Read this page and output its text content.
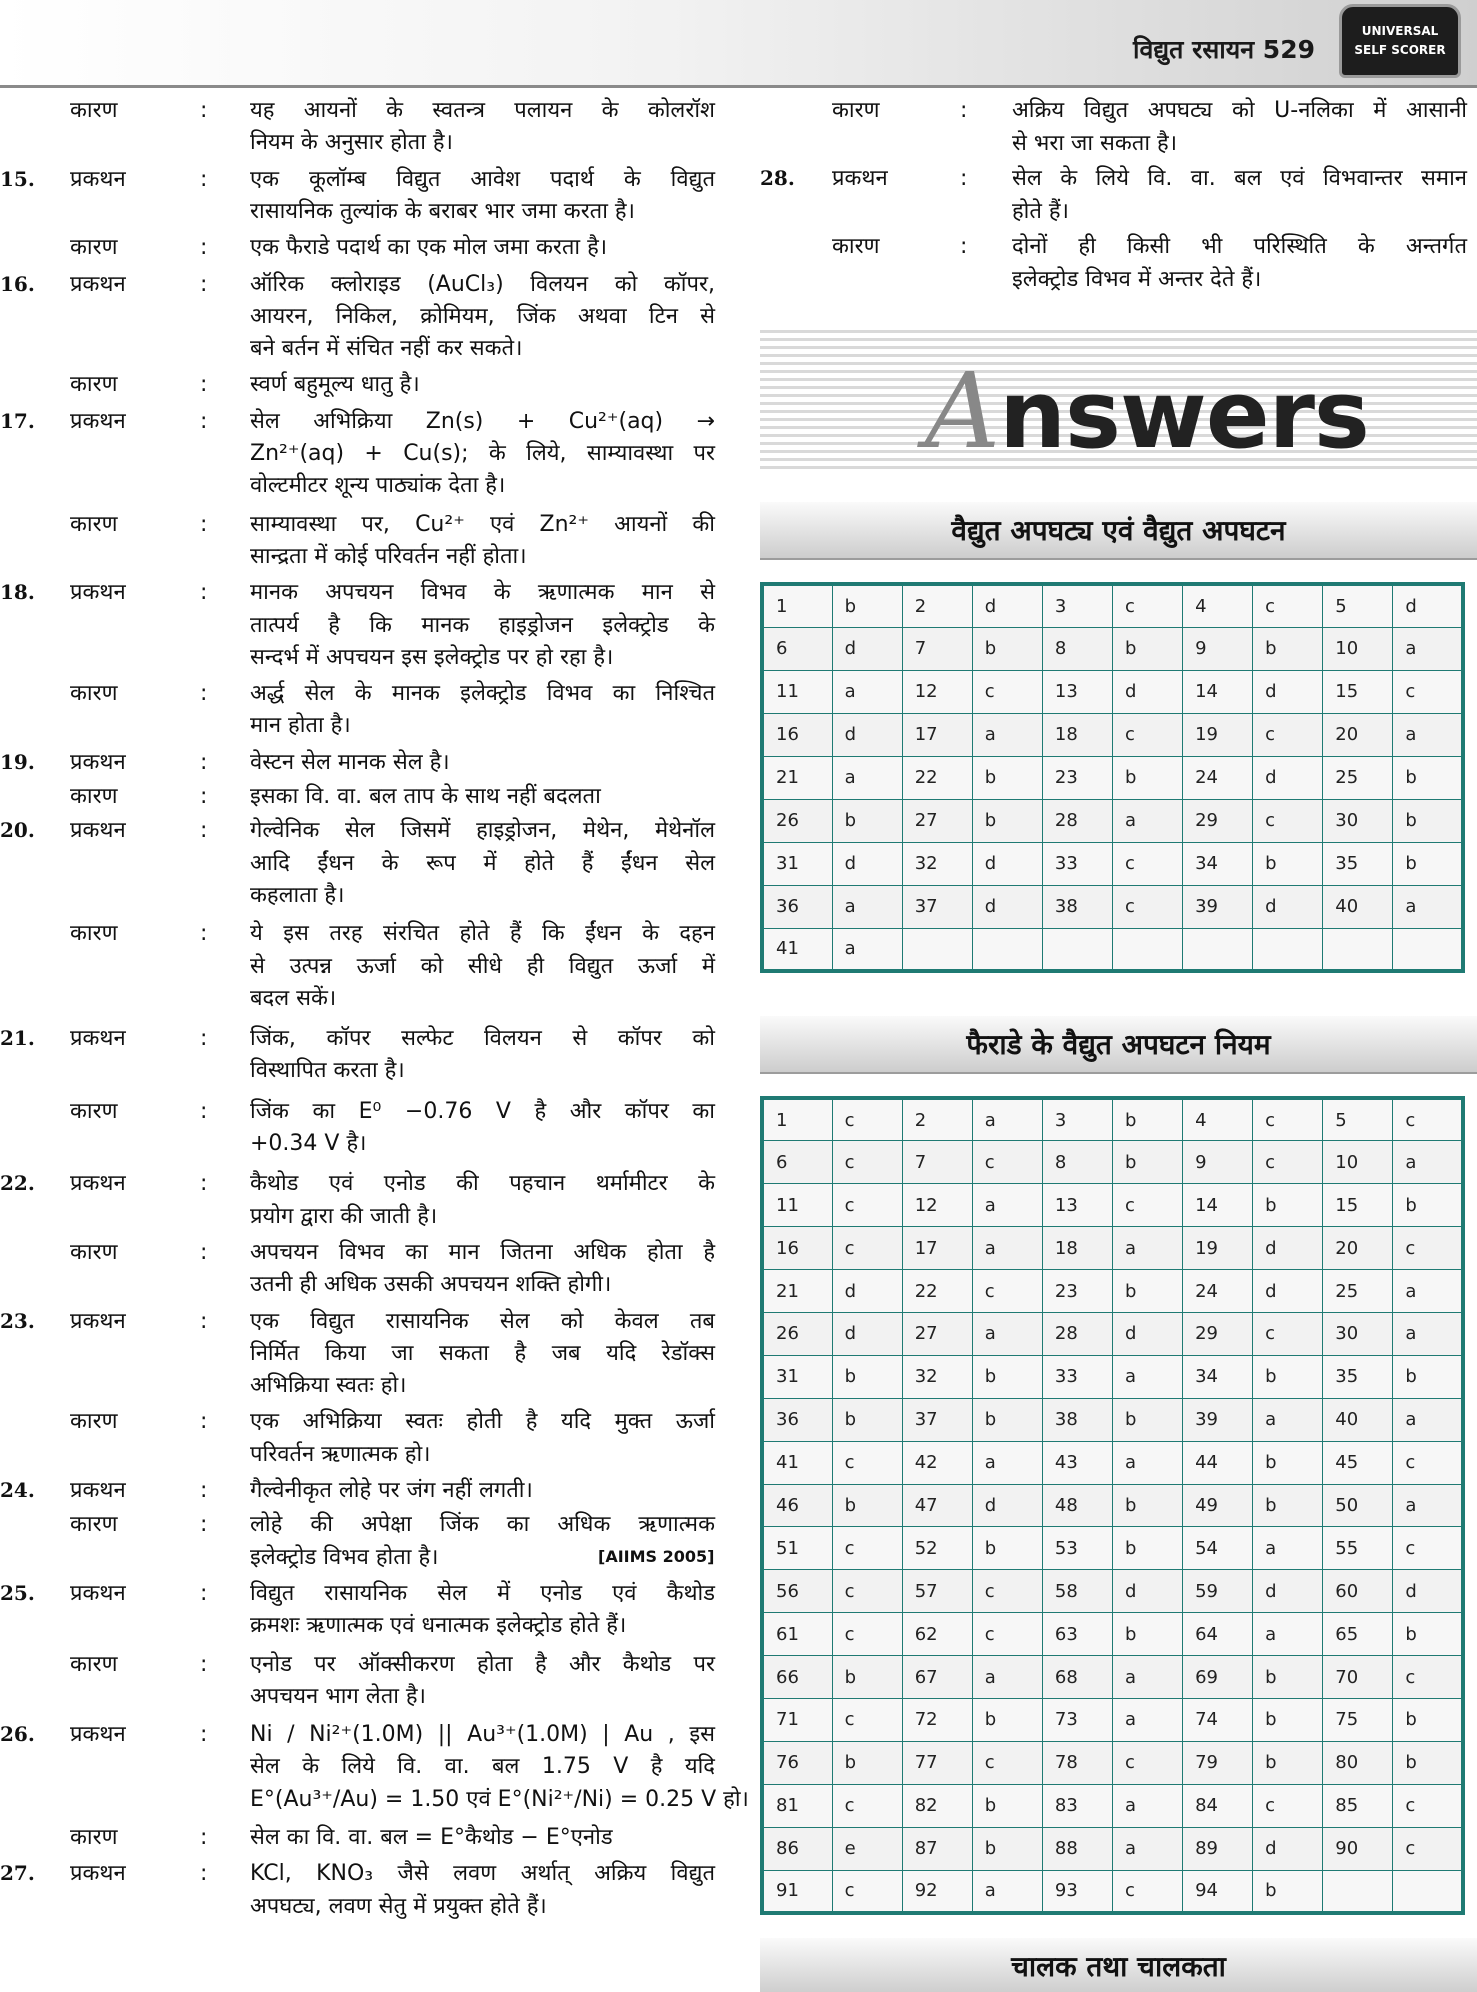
विद्युत रसायन 529
UNIVERSAL
SELF SCORER
कारण	: यह आयनों के स्वतन्त्र पलायन के कोलरॉश
नियम के अनुसार होता है।
15. प्रकथन	: एक कूलॉम्ब विद्युत आवेश पदार्थ के विद्युत
रासायनिक तुल्यांक के बराबर भार जमा करता है।
कारण	: एक फैराडे पदार्थ का एक मोल जमा करता है।
16. प्रकथन	: ऑरिक क्लोराइड (AuCl₃) विलयन को कॉपर,
आयरन, निकिल, क्रोमियम, जिंक अथवा टिन से
बने बर्तन में संचित नहीं कर सकते।
कारण	: स्वर्ण बहुमूल्य धातु है।
17. प्रकथन	: सेल अभिक्रिया Zn(s) + Cu²⁺(aq) →
Zn²⁺(aq) + Cu(s); के लिये, साम्यावस्था पर
वोल्टमीटर शून्य पाठ्यांक देता है।
कारण	: साम्यावस्था पर, Cu²⁺ एवं Zn²⁺ आयनों की
सान्द्रता में कोई परिवर्तन नहीं होता।
18. प्रकथन	: मानक अपचयन विभव के ऋणात्मक मान से
तात्पर्य है कि मानक हाइड्रोजन इलेक्ट्रोड के
सन्दर्भ में अपचयन इस इलेक्ट्रोड पर हो रहा है।
कारण	: अर्द्ध सेल के मानक इलेक्ट्रोड विभव का निश्चित
मान होता है।
19. प्रकथन	: वेस्टन सेल मानक सेल है।
कारण	: इसका वि. वा. बल ताप के साथ नहीं बदलता
20. प्रकथन	: गेल्वेनिक सेल जिसमें हाइड्रोजन, मेथेन, मेथेनॉल
आदि ईंधन के रूप में होते हैं ईंधन सेल
कहलाता है।
कारण	: ये इस तरह संरचित होते हैं कि ईंधन के दहन
से उत्पन्न ऊर्जा को सीधे ही विद्युत ऊर्जा में
बदल सकें।
21. प्रकथन	: जिंक, कॉपर सल्फेट विलयन से कॉपर को
विस्थापित करता है।
कारण	: जिंक का E⁰ −0.76 V है और कॉपर का
+0.34 V है।
22. प्रकथन	: कैथोड एवं एनोड की पहचान थर्मामीटर के
प्रयोग द्वारा की जाती है।
कारण	: अपचयन विभव का मान जितना अधिक होता है
उतनी ही अधिक उसकी अपचयन शक्ति होगी।
23. प्रकथन	: एक विद्युत रासायनिक सेल को केवल तब
निर्मित किया जा सकता है जब यदि रेडॉक्स
अभिक्रिया स्वतः हो।
कारण	: एक अभिक्रिया स्वतः होती है यदि मुक्त ऊर्जा
परिवर्तन ऋणात्मक हो।
24. प्रकथन	: गैल्वेनीकृत लोहे पर जंग नहीं लगती।
कारण	: लोहे की अपेक्षा जिंक का अधिक ऋणात्मक
इलेक्ट्रोड विभव होता है।	[AIIMS 2005]
25. प्रकथन	: विद्युत रासायनिक सेल में एनोड एवं कैथोड
क्रमशः ऋणात्मक एवं धनात्मक इलेक्ट्रोड होते हैं।
कारण	: एनोड पर ऑक्सीकरण होता है और कैथोड पर
अपचयन भाग लेता है।
26. प्रकथन	: Ni / Ni²⁺(1.0M) || Au³⁺(1.0M) | Au , इस
सेल के लिये वि. वा. बल 1.75 V है यदि
E°(Au³⁺/Au) = 1.50 एवं E°(Ni²⁺/Ni) = 0.25 V हो।
कारण	: सेल का वि. वा. बल = E°कैथोड − E°एनोड
27. प्रकथन	: KCl, KNO₃ जैसे लवण अर्थात् अक्रिय विद्युत
अपघट्य, लवण सेतु में प्रयुक्त होते हैं।
कारण	: अक्रिय विद्युत अपघट्य को U-नलिका में आसानी
से भरा जा सकता है।
28. प्रकथन	: सेल के लिये वि. वा. बल एवं विभवान्तर समान
होते हैं।
कारण	: दोनों ही किसी भी परिस्थिति के अन्तर्गत
इलेक्ट्रोड विभव में अन्तर देते हैं।
Answers
वैद्युत अपघट्य एवं वैद्युत अपघटन
1	b	2	d	3	c	4	c	5	d
6	d	7	b	8	b	9	b	10	a
11	a	12	c	13	d	14	d	15	c
16	d	17	a	18	c	19	c	20	a
21	a	22	b	23	b	24	d	25	b
26	b	27	b	28	a	29	c	30	b
31	d	32	d	33	c	34	b	35	b
36	a	37	d	38	c	39	d	40	a
41	a								
फैराडे के वैद्युत अपघटन नियम
1	c	2	a	3	b	4	c	5	c
6	c	7	c	8	b	9	c	10	a
11	c	12	a	13	c	14	b	15	b
16	c	17	a	18	a	19	d	20	c
21	d	22	c	23	b	24	d	25	a
26	d	27	a	28	d	29	c	30	a
31	b	32	b	33	a	34	b	35	b
36	b	37	b	38	b	39	a	40	a
41	c	42	a	43	a	44	b	45	c
46	b	47	d	48	b	49	b	50	a
51	c	52	b	53	b	54	a	55	c
56	c	57	c	58	d	59	d	60	d
61	c	62	c	63	b	64	a	65	b
66	b	67	a	68	a	69	b	70	c
71	c	72	b	73	a	74	b	75	b
76	b	77	c	78	c	79	b	80	b
81	c	82	b	83	a	84	c	85	c
86	e	87	b	88	a	89	d	90	c
91	c	92	a	93	c	94	b		
चालक तथा चालकता
